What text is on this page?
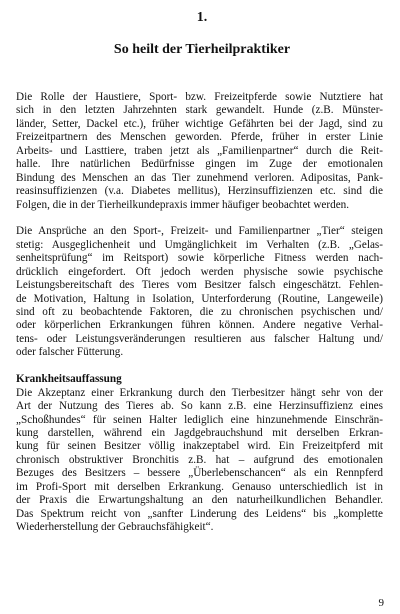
1.
So heilt der Tierheilpraktiker
Die Rolle der Haustiere, Sport- bzw. Freizeitpferde sowie Nutztiere hat
sich in den letzten Jahrzehnten stark gewandelt. Hunde (z.B. Münster-
länder, Setter, Dackel etc.), früher wichtige Gefährten bei der Jagd, sind zu
Freizeitpartnern des Menschen geworden. Pferde, früher in erster Linie
Arbeits- und Lasttiere, traben jetzt als „Familienpartner“ durch die Reit-
halle. Ihre natürlichen Bedürfnisse gingen im Zuge der emotionalen
Bindung des Menschen an das Tier zunehmend verloren. Adipositas, Pank-
reasinsuffizienzen (v.a. Diabetes mellitus), Herzinsuffizienzen etc. sind die
Folgen, die in der Tierheilkundepraxis immer häufiger beobachtet werden.
Die Ansprüche an den Sport-, Freizeit- und Familienpartner „Tier“ steigen
stetig: Ausgeglichenheit und Umgänglichkeit im Verhalten (z.B. „Gelas-
senheitsprüfung“ im Reitsport) sowie körperliche Fitness werden nach-
drücklich eingefordert. Oft jedoch werden physische sowie psychische
Leistungsbereitschaft des Tieres vom Besitzer falsch eingeschätzt. Fehlen-
de Motivation, Haltung in Isolation, Unterforderung (Routine, Langeweile)
sind oft zu beobachtende Faktoren, die zu chronischen psychischen und/
oder körperlichen Erkrankungen führen können. Andere negative Verhal-
tens- oder Leistungsveränderungen resultieren aus falscher Haltung und/
oder falscher Fütterung.
Krankheitsauffassung
Die Akzeptanz einer Erkrankung durch den Tierbesitzer hängt sehr von der
Art der Nutzung des Tieres ab. So kann z.B. eine Herzinsuffizienz eines
„Schoßhundes“ für seinen Halter lediglich eine hinzunehmende Einschrän-
kung darstellen, während ein Jagdgebrauchshund mit derselben Erkran-
kung für seinen Besitzer völlig inakzeptabel wird. Ein Freizeitpferd mit
chronisch obstruktiver Bronchitis z.B. hat – aufgrund des emotionalen
Bezuges des Besitzers – bessere „Überlebenschancen“ als ein Rennpferd
im Profi-Sport mit derselben Erkrankung. Genauso unterschiedlich ist in
der Praxis die Erwartungshaltung an den naturheilkundlichen Behandler.
Das Spektrum reicht von „sanfter Linderung des Leidens“ bis „komplette
Wiederherstellung der Gebrauchsfähigkeit“.
9
